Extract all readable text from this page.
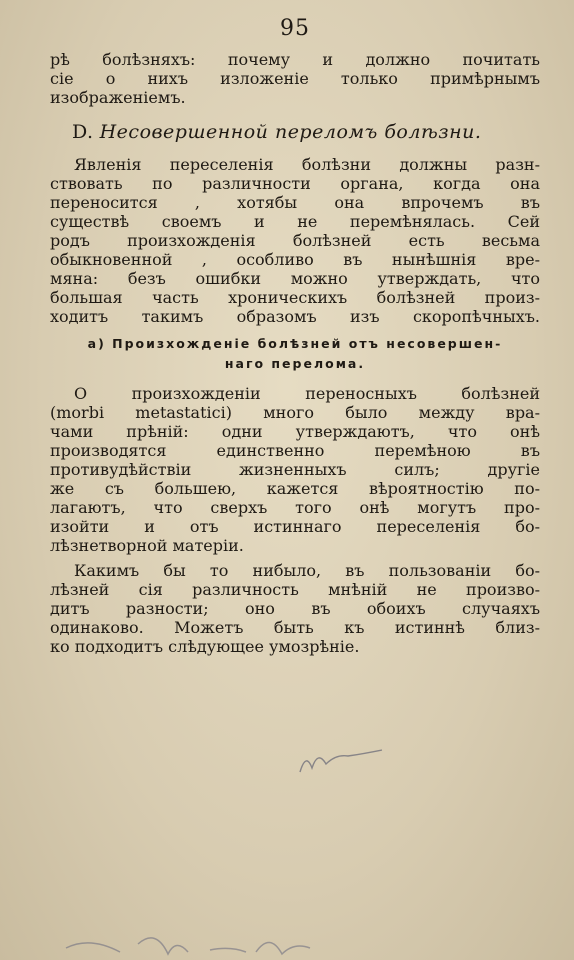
95
рѣ болѣзняхъ: почему и должно почитать
сіе о нихъ изложеніе только примѣрнымъ
изображеніемъ.
D. Несовершенной переломъ болѣзни.
Явленія переселенія болѣзни должны разн-
ствовать по различности органа, когда она
переносится , хотябы она впрочемъ въ
существѣ своемъ и не перемѣнялась. Сей
родъ произхожденія болѣзней есть весьма
обыкновенной , особливо въ нынѣшнія вре-
мяна: безъ ошибки можно утверждать, что
большая часть хроническихъ болѣзней произ-
ходитъ такимъ образомъ изъ скоропѣчныхъ.
а) Произхожденіе болѣзней отъ несовершен-
наго перелома.
О произхожденіи переносныхъ болѣзней
(morbi metastatici) много было между вра-
чами прѣній: одни утверждаютъ, что онѣ
производятся единственно перемѣною въ
противудѣйствіи жизненныхъ силъ; другіе
же съ большею, кажется вѣроятностію по-
лагаютъ, что сверхъ того онѣ могутъ про-
изойти и отъ истиннаго переселенія бо-
лѣзнетворной матеріи.
Какимъ бы то нибыло, въ пользованіи бо-
лѣзней сія различность мнѣній не произво-
дитъ разности; оно въ обоихъ случаяхъ
одинаково. Можетъ быть къ истиннѣ близ-
ко подходитъ слѣдующее умозрѣніе.
